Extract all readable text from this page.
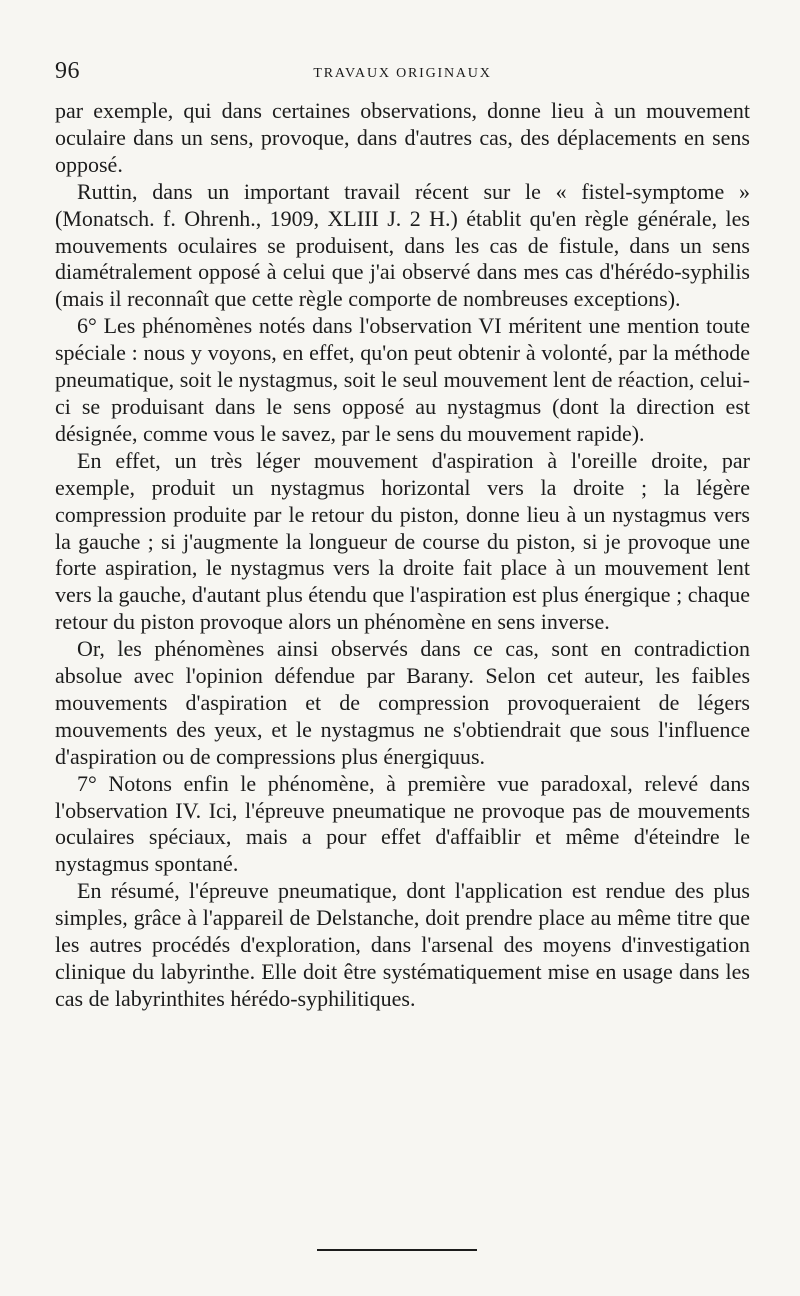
96	TRAVAUX ORIGINAUX

par exemple, qui dans certaines observations, donne lieu à un mouvement oculaire dans un sens, provoque, dans d'autres cas, des déplacements en sens opposé.

Ruttin, dans un important travail récent sur le « fistel-symptome » (Monatsch. f. Ohrenh., 1909, XLIII J. 2 H.) établit qu'en règle générale, les mouvements oculaires se produisent, dans les cas de fistule, dans un sens diamétralement opposé à celui que j'ai observé dans mes cas d'hérédo-syphilis (mais il reconnaît que cette règle comporte de nombreuses exceptions).

6° Les phénomènes notés dans l'observation VI méritent une mention toute spéciale : nous y voyons, en effet, qu'on peut obtenir à volonté, par la méthode pneumatique, soit le nystagmus, soit le seul mouvement lent de réaction, celui-ci se produisant dans le sens opposé au nystagmus (dont la direction est désignée, comme vous le savez, par le sens du mouvement rapide).

En effet, un très léger mouvement d'aspiration à l'oreille droite, par exemple, produit un nystagmus horizontal vers la droite ; la légère compression produite par le retour du piston, donne lieu à un nystagmus vers la gauche ; si j'augmente la longueur de course du piston, si je provoque une forte aspiration, le nystagmus vers la droite fait place à un mouvement lent vers la gauche, d'autant plus étendu que l'aspiration est plus énergique ; chaque retour du piston provoque alors un phénomène en sens inverse.

Or, les phénomènes ainsi observés dans ce cas, sont en contradiction absolue avec l'opinion défendue par Barany. Selon cet auteur, les faibles mouvements d'aspiration et de compression provoqueraient de légers mouvements des yeux, et le nystagmus ne s'obtiendrait que sous l'influence d'aspiration ou de compressions plus énergiquus.

7° Notons enfin le phénomène, à première vue paradoxal, relevé dans l'observation IV. Ici, l'épreuve pneumatique ne provoque pas de mouvements oculaires spéciaux, mais a pour effet d'affaiblir et même d'éteindre le nystagmus spontané.

En résumé, l'épreuve pneumatique, dont l'application est rendue des plus simples, grâce à l'appareil de Delstanche, doit prendre place au même titre que les autres procédés d'exploration, dans l'arsenal des moyens d'investigation clinique du labyrinthe. Elle doit être systématiquement mise en usage dans les cas de labyrinthites hérédo-syphilitiques.
